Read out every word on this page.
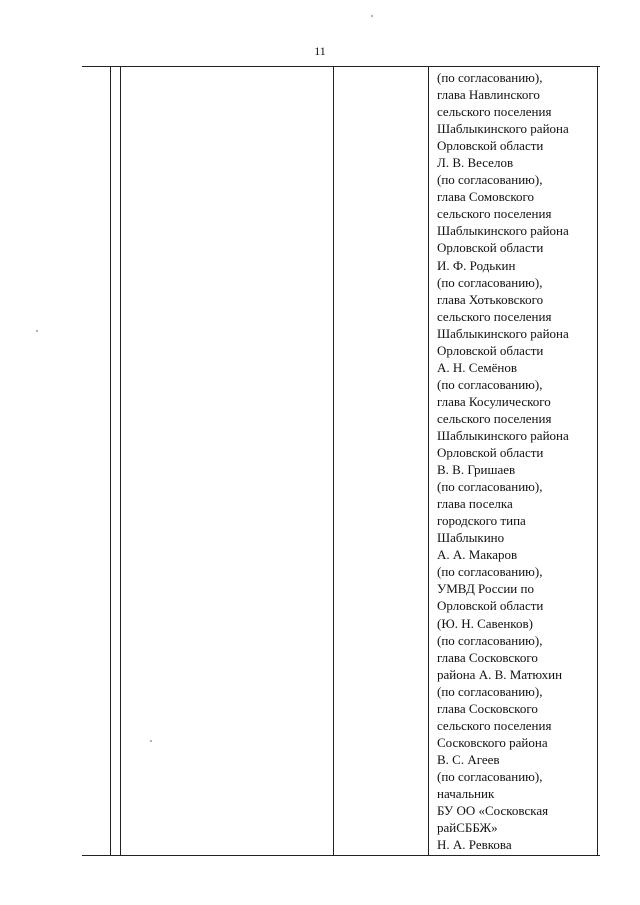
11
(по согласованию),
глава Навлинского
сельского поселения
Шаблыкинского района
Орловской области
Л. В. Веселов
(по согласованию),
глава Сомовского
сельского поселения
Шаблыкинского района
Орловской области
И. Ф. Родькин
(по согласованию),
глава Хотьковского
сельского поселения
Шаблыкинского района
Орловской области
А. Н. Семёнов
(по согласованию),
глава Косулического
сельского поселения
Шаблыкинского района
Орловской области
В. В. Гришаев
(по согласованию),
глава поселка
городского типа
Шаблыкино
А. А. Макаров
(по согласованию),
УМВД России по
Орловской области
(Ю. Н. Савенков)
(по согласованию),
глава Сосковского
района А. В. Матюхин
(по согласованию),
глава Сосковского
сельского поселения
Сосковского района
В. С. Агеев
(по согласованию),
начальник
БУ ОО «Сосковская
райСББЖ»
Н. А. Ревкова
